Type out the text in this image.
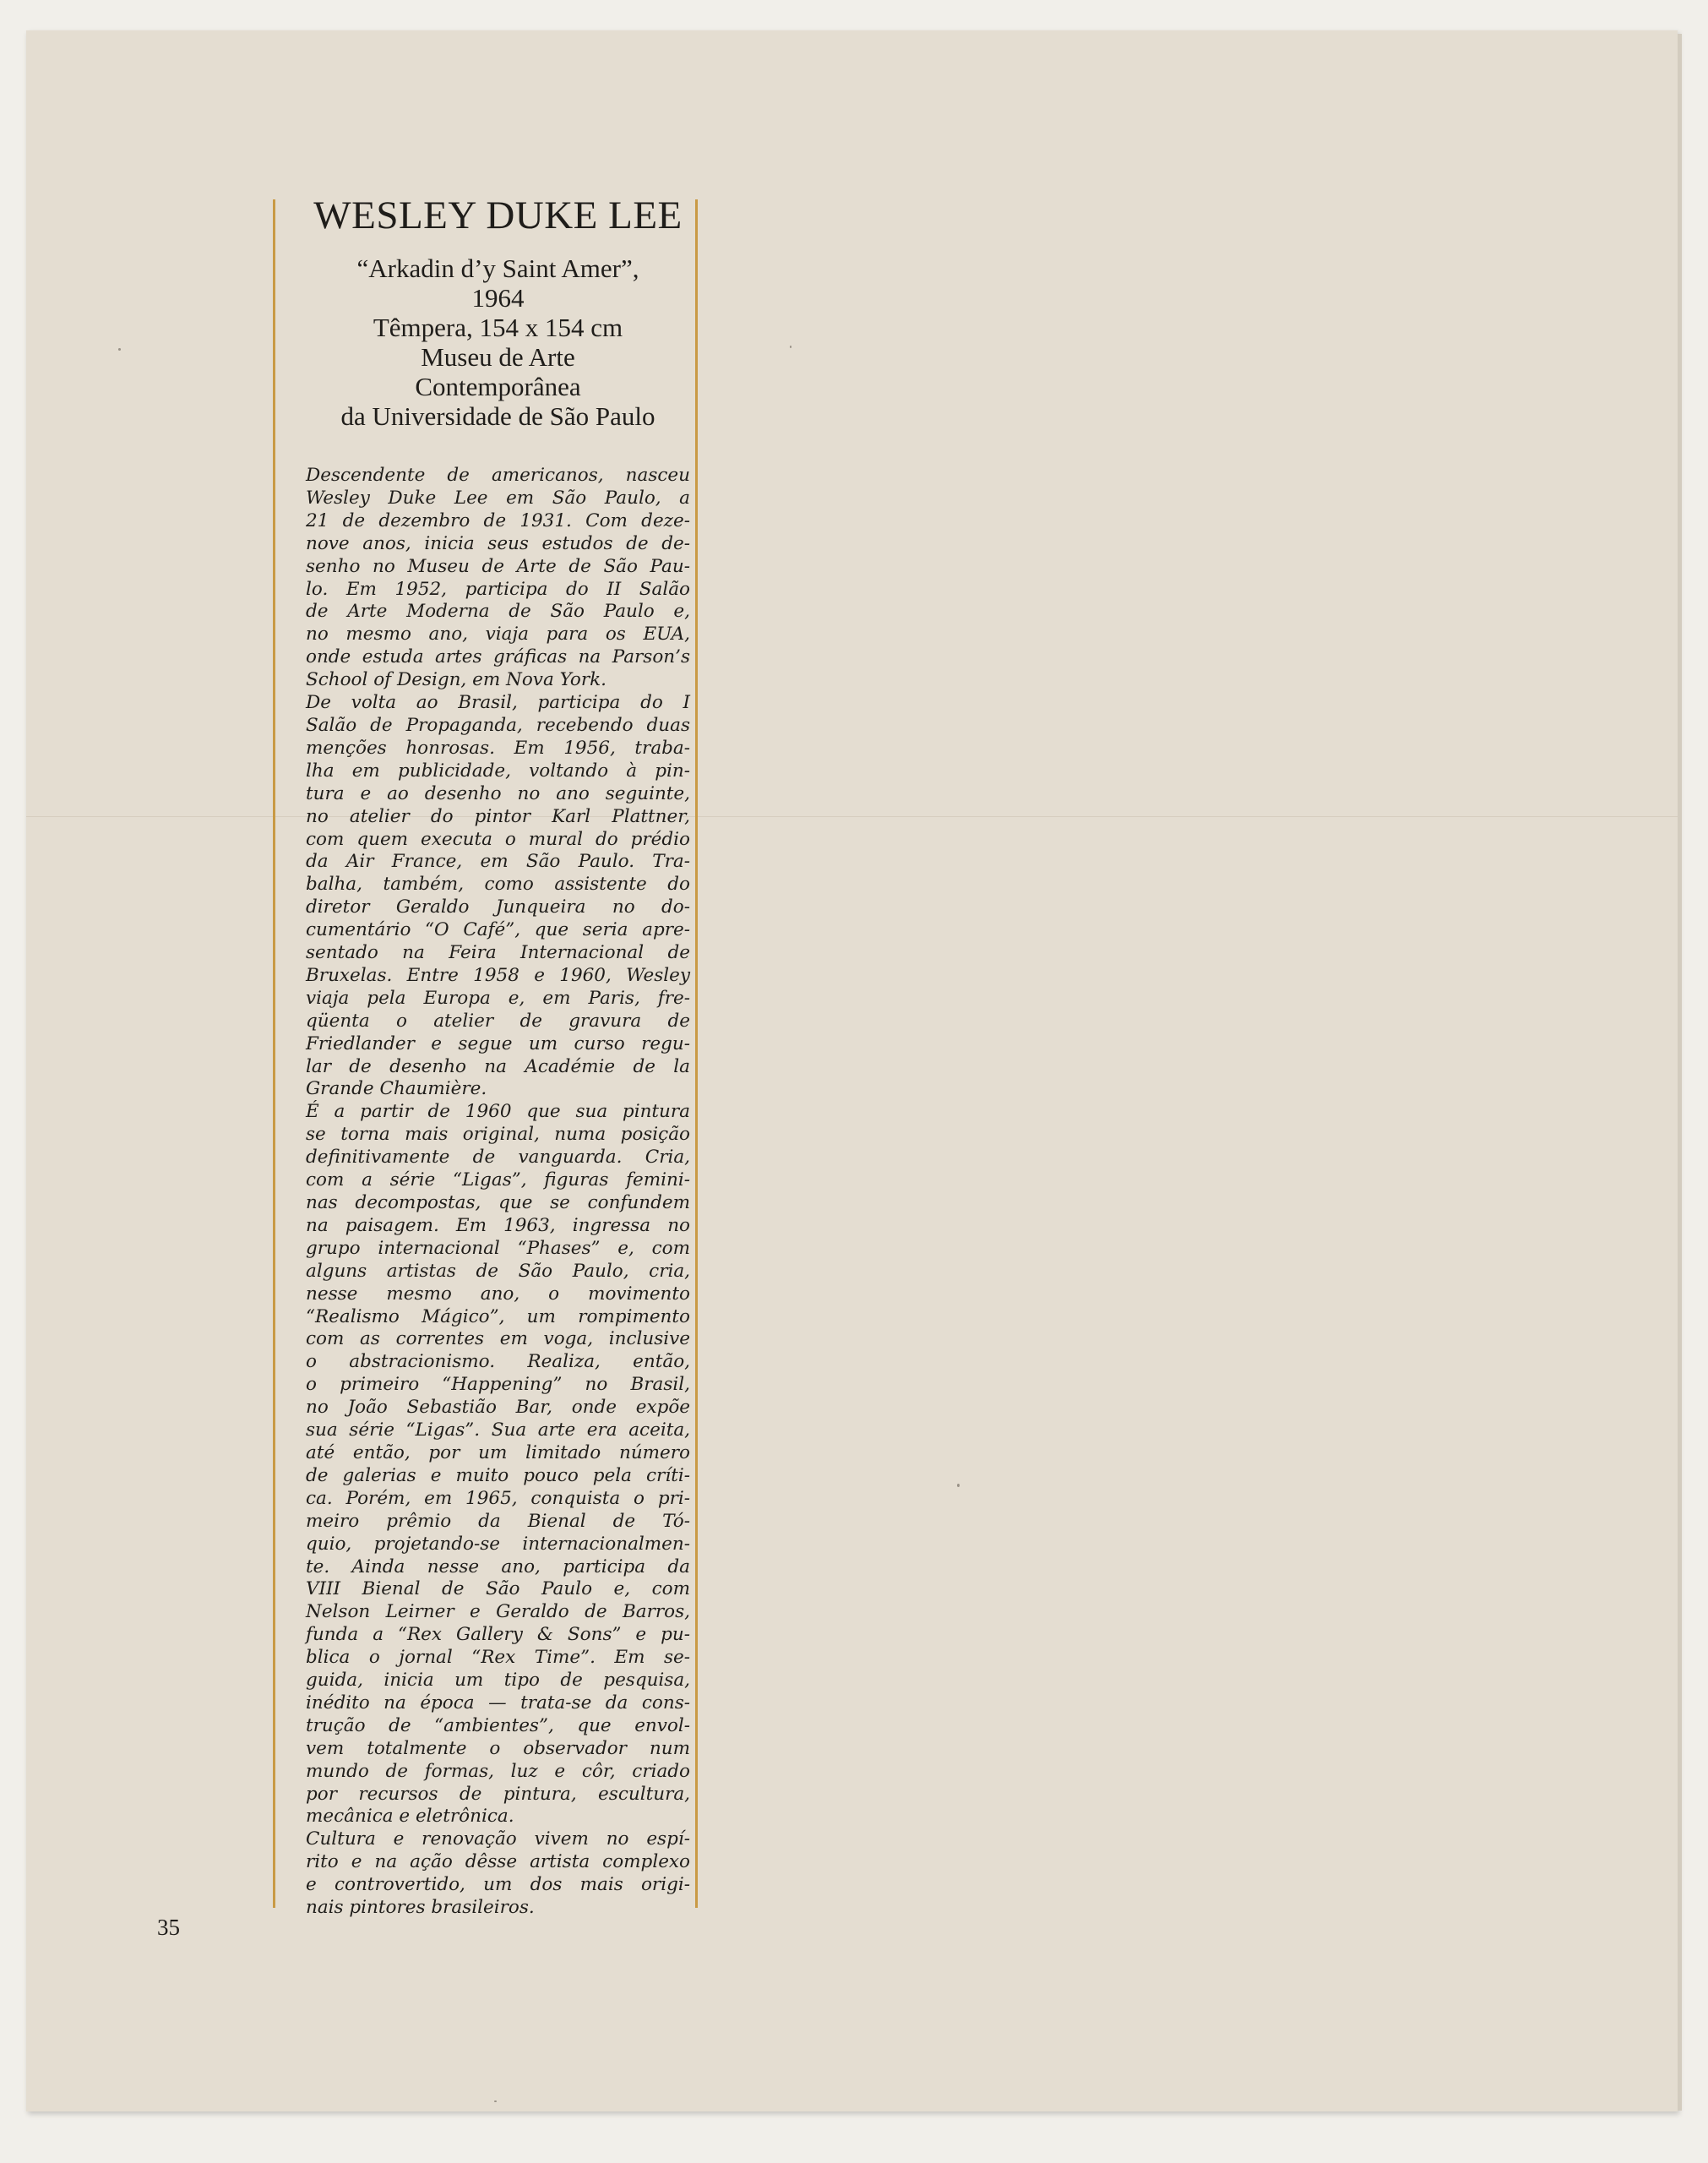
WESLEY DUKE LEE
“Arkadin d’y Saint Amer”,
1964
Têmpera, 154 x 154 cm
Museu de Arte
Contemporânea
da Universidade de São Paulo
Descendente de americanos, nasceu
Wesley Duke Lee em São Paulo, a
21 de dezembro de 1931. Com deze-
nove anos, inicia seus estudos de de-
senho no Museu de Arte de São Pau-
lo. Em 1952, participa do II Salão
de Arte Moderna de São Paulo e,
no mesmo ano, viaja para os EUA,
onde estuda artes gráficas na Parson’s
School of Design, em Nova York.
De volta ao Brasil, participa do I
Salão de Propaganda, recebendo duas
menções honrosas. Em 1956, traba-
lha em publicidade, voltando à pin-
tura e ao desenho no ano seguinte,
no atelier do pintor Karl Plattner,
com quem executa o mural do prédio
da Air France, em São Paulo. Tra-
balha, também, como assistente do
diretor Geraldo Junqueira no do-
cumentário “O Café”, que seria apre-
sentado na Feira Internacional de
Bruxelas. Entre 1958 e 1960, Wesley
viaja pela Europa e, em Paris, fre-
qüenta o atelier de gravura de
Friedlander e segue um curso regu-
lar de desenho na Académie de la
Grande Chaumière.
É a partir de 1960 que sua pintura
se torna mais original, numa posição
definitivamente de vanguarda. Cria,
com a série “Ligas”, figuras femini-
nas decompostas, que se confundem
na paisagem. Em 1963, ingressa no
grupo internacional “Phases” e, com
alguns artistas de São Paulo, cria,
nesse mesmo ano, o movimento
“Realismo Mágico”, um rompimento
com as correntes em voga, inclusive
o abstracionismo. Realiza, então,
o primeiro “Happening” no Brasil,
no João Sebastião Bar, onde expõe
sua série “Ligas”. Sua arte era aceita,
até então, por um limitado número
de galerias e muito pouco pela críti-
ca. Porém, em 1965, conquista o pri-
meiro prêmio da Bienal de Tó-
quio, projetando-se internacionalmen-
te. Ainda nesse ano, participa da
VIII Bienal de São Paulo e, com
Nelson Leirner e Geraldo de Barros,
funda a “Rex Gallery & Sons” e pu-
blica o jornal “Rex Time”. Em se-
guida, inicia um tipo de pesquisa,
inédito na época — trata-se da cons-
trução de “ambientes”, que envol-
vem totalmente o observador num
mundo de formas, luz e côr, criado
por recursos de pintura, escultura,
mecânica e eletrônica.
Cultura e renovação vivem no espí-
rito e na ação dêsse artista complexo
e controvertido, um dos mais origi-
nais pintores brasileiros.
35
